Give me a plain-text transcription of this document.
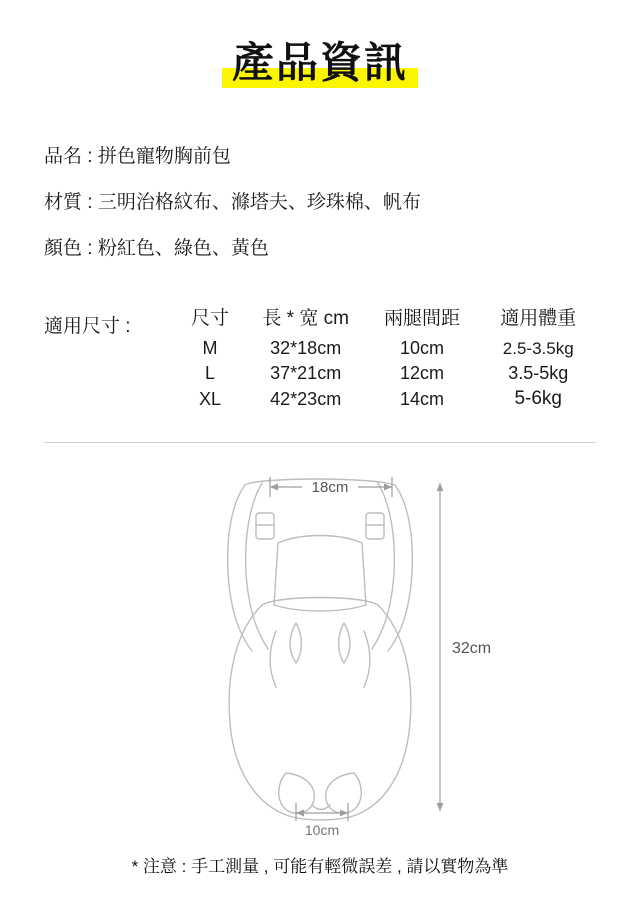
產品資訊
品名 : 拼色寵物胸前包
材質 : 三明治格紋布、滌塔夫、珍珠棉、帆布
顏色 : 粉紅色、綠色、黃色
適用尺寸 :	尺寸	長 * 宽 cm	兩腿間距	適用體重
M	32*18cm	10cm	2.5-3.5kg
L	37*21cm	12cm	3.5-5kg
XL	42*23cm	14cm	5-6kg
18cm
32cm
10cm
* 注意 : 手工測量 , 可能有輕微誤差 , 請以實物為準
